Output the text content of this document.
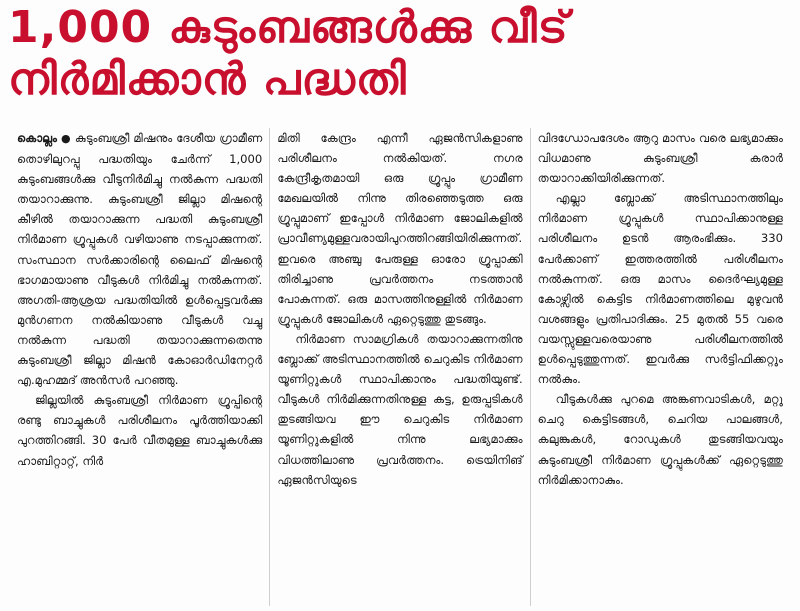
1,000 കുടുംബങ്ങൾക്കു വീട്
നിർമിക്കാൻ പദ്ധതി

കൊല്ലം ● കുടുംബശ്രീ മിഷനും ദേശീയ ഗ്രാമീണ തൊഴിലുറപ്പു പദ്ധതിയും ചേർന്ന് 1,000 കുടുംബങ്ങൾക്കു വീടുനിർമിച്ചു നൽകുന്ന പദ്ധതി തയാറാക്കുന്നു. കുടുംബശ്രീ ജില്ലാ മിഷന്റെ കീഴിൽ തയാറാക്കുന്ന പദ്ധതി കുടുംബശ്രീ നിർമാണ ഗ്രൂപ്പുകൾ വഴിയാണു നടപ്പാക്കുന്നത്. സംസ്ഥാന സർക്കാരിന്റെ ലൈഫ് മിഷന്റെ ഭാഗമായാണു വീടുകൾ നിർമിച്ചു നൽകുന്നത്. അഗതി-ആശ്രയ പദ്ധതിയിൽ ഉൾപ്പെട്ടവർക്കു മുൻഗണന നൽകിയാണു വീടുകൾ വച്ചു നൽകുന്ന പദ്ധതി തയാറാക്കുന്നതെന്നു കുടുംബശ്രീ ജില്ലാ മിഷൻ കോഓർഡിനേറ്റർ എ.മുഹമ്മദ് അൻസർ പറഞ്ഞു.

ജില്ലയിൽ കുടുംബശ്രീ നിർമാണ ഗ്രൂപ്പിന്റെ രണ്ടു ബാച്ചുകൾ പരിശീലനം പൂർത്തിയാക്കി പുറത്തിറങ്ങി. 30 പേർ വീതമുള്ള ബാച്ചുകൾക്കു ഹാബിറ്റാറ്റ്, നിർ

മിതി കേന്ദ്രം എന്നീ ഏജൻസികളാണു പരിശീലനം നൽകിയത്. നഗര കേന്ദ്രീകൃതമായി ഒരു ഗ്രൂപ്പും ഗ്രാമീണ മേഖലയിൽ നിന്നു തിരഞ്ഞെടുത്ത ഒരു ഗ്രൂപ്പുമാണ് ഇപ്പോൾ നിർമാണ ജോലികളിൽ പ്രാവീണ്യമുള്ളവരായിപുറത്തിറങ്ങിയിരിക്കുന്നത്. ഇവരെ അഞ്ചു പേരുള്ള ഓരോ ഗ്രൂപ്പാക്കി തിരിച്ചാണു പ്രവർത്തനം നടത്താൻ പോകുന്നത്. ഒരു മാസത്തിനുള്ളിൽ നിർമാണ ഗ്രൂപ്പുകൾ ജോലികൾ ഏറ്റെടുത്തു തുടങ്ങും.

നിർമാണ സാമഗ്രികൾ തയാറാക്കുന്നതിനു ബ്ലോക്ക് അടിസ്ഥാനത്തിൽ ചെറുകിട നിർമാണ യൂണിറ്റുകൾ സ്ഥാപിക്കാനും പദ്ധതിയുണ്ട്. വീടുകൾ നിർമിക്കുന്നതിനുള്ള കട്ട, ഉരുപ്പടികൾ തുടങ്ങിയവ ഈ ചെറുകിട നിർമാണ യൂണിറ്റുകളിൽ നിന്നു ലഭ്യമാക്കും വിധത്തിലാണു പ്രവർത്തനം. ട്രെയിനിങ് ഏജൻസിയുടെ

വിദഗ്ധോപദേശം ആറു മാസം വരെ ലഭ്യമാക്കും വിധമാണു കുടുംബശ്രീ കരാർ തയാറാക്കിയിരിക്കുന്നത്.

എല്ലാ ബ്ലോക്ക് അടിസ്ഥാനത്തിലും നിർമാണ ഗ്രൂപ്പുകൾ സ്ഥാപിക്കാനുള്ള പരിശീലനം ഉടൻ ആരംഭിക്കും. 330 പേർക്കാണ് ഇത്തരത്തിൽ പരിശീലനം നൽകുന്നത്. ഒരു മാസം ദൈർഘ്യമുള്ള കോഴ്സിൽ കെട്ടിട നിർമാണത്തിലെ മുഴുവൻ വശങ്ങളും പ്രതിപാദിക്കും. 25 മുതൽ 55 വരെ വയസ്സുള്ളവരെയാണു പരിശീലനത്തിൽ ഉൾപ്പെടുത്തുന്നത്. ഇവർക്കു സർട്ടിഫിക്കറ്റും നൽകും.

വീടുകൾക്കു പുറമെ അങ്കണവാടികൾ, മറ്റു ചെറു കെട്ടിടങ്ങൾ, ചെറിയ പാലങ്ങൾ, കലുങ്കുകൾ, റോഡുകൾ തുടങ്ങിയവയും കുടുംബശ്രീ നിർമാണ ഗ്രൂപ്പുകൾക്ക് ഏറ്റെടുത്തു നിർമിക്കാനാകും.
